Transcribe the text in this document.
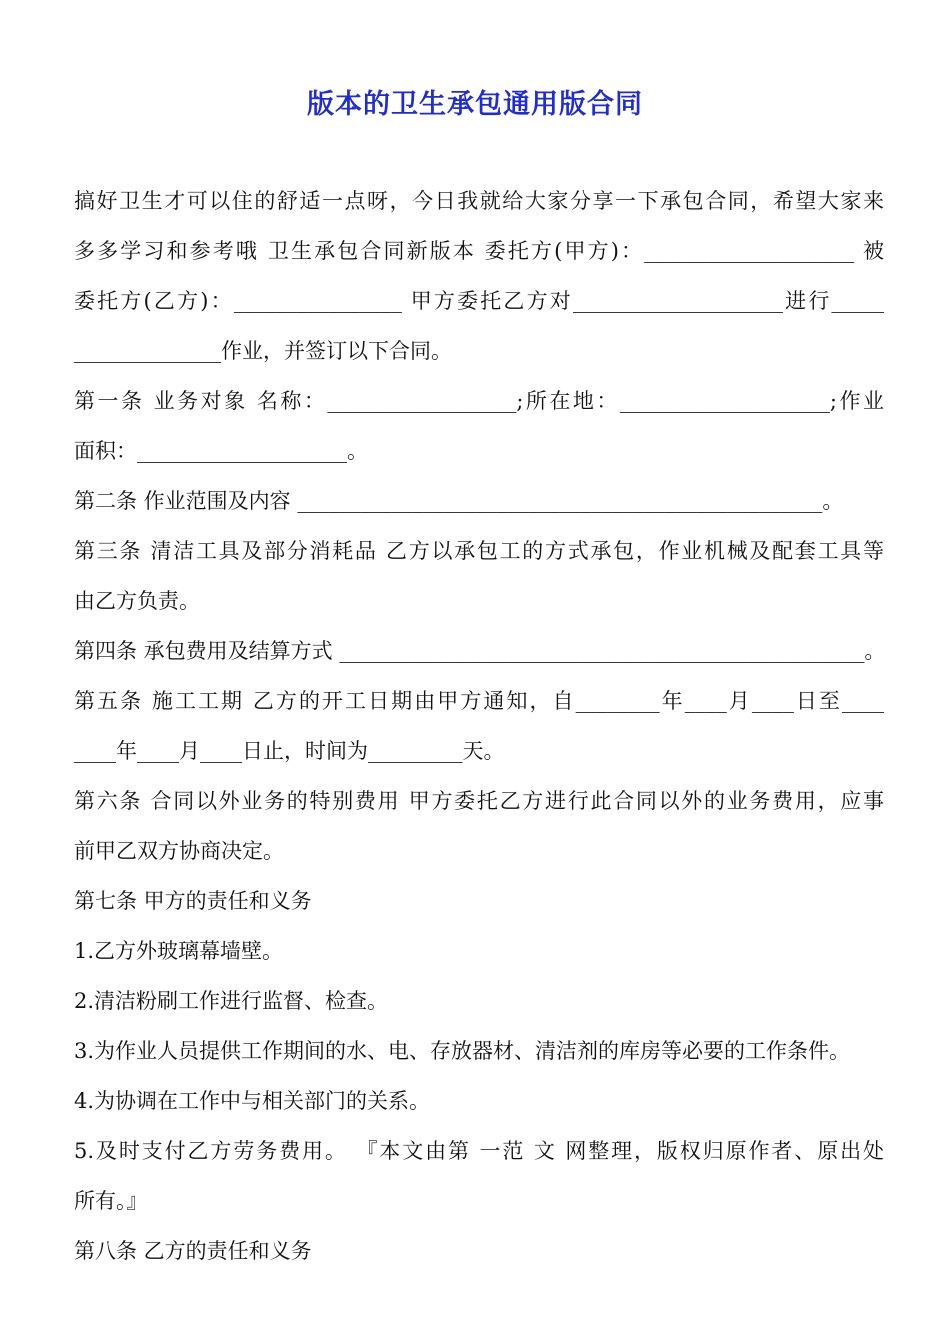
版本的卫生承包通用版合同
搞好卫生才可以住的舒适一点呀，今日我就给大家分享一下承包合同，希望大家来
多多学习和参考哦 卫生承包合同新版本 委托方(甲方)：____________________ 被
委托方(乙方)：________________ 甲方委托乙方对____________________进行_____
______________作业，并签订以下合同。
第一条 业务对象 名称：__________________;所在地：____________________;作业
面积：____________________。
第二条 作业范围及内容 __________________________________________________。
第三条 清洁工具及部分消耗品 乙方以承包工的方式承包，作业机械及配套工具等
由乙方负责。
第四条 承包费用及结算方式 __________________________________________________。
第五条 施工工期 乙方的开工日期由甲方通知，自________年____月____日至____
____年____月____日止，时间为_________天。
第六条 合同以外业务的特别费用 甲方委托乙方进行此合同以外的业务费用，应事
前甲乙双方协商决定。
第七条 甲方的责任和义务
1.乙方外玻璃幕墙壁。
2.清洁粉刷工作进行监督、检查。
3.为作业人员提供工作期间的水、电、存放器材、清洁剂的库房等必要的工作条件。
4.为协调在工作中与相关部门的关系。
5.及时支付乙方劳务费用。 『本文由第 一范 文 网整理，版权归原作者、原出处
所有。』
第八条 乙方的责任和义务
